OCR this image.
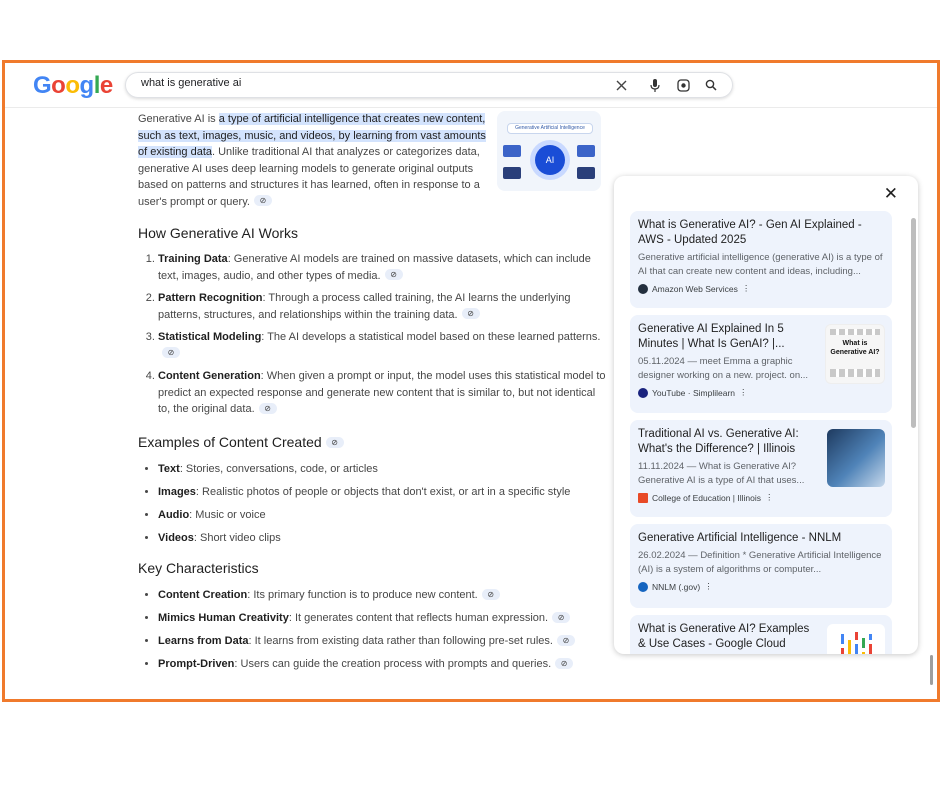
Google	what is generative ai
Generative Artificial Intelligence
AI
Generative AI is a type of artificial intelligence that creates new content, such as text, images, music, and videos, by learning from vast amounts of existing data. Unlike traditional AI that analyzes or categorizes data, generative AI uses deep learning models to generate original outputs based on patterns and structures it has learned, often in response to a user's prompt or query. ⊘
How Generative AI Works
1. Training Data: Generative AI models are trained on massive datasets, which can include text, images, audio, and other types of media. ⊘
2. Pattern Recognition: Through a process called training, the AI learns the underlying patterns, structures, and relationships within the training data. ⊘
3. Statistical Modeling: The AI develops a statistical model based on these learned patterns.⊘
4. Content Generation: When given a prompt or input, the model uses this statistical model to predict an expected response and generate new content that is similar to, but not identical to, the original data. ⊘
Examples of Content Created ⊘
• Text: Stories, conversations, code, or articles
• Images: Realistic photos of people or objects that don't exist, or art in a specific style
• Audio: Music or voice
• Videos: Short video clips
Key Characteristics
• Content Creation: Its primary function is to produce new content. ⊘
• Mimics Human Creativity: It generates content that reflects human expression. ⊘
• Learns from Data: It learns from existing data rather than following pre-set rules. ⊘
• Prompt-Driven: Users can guide the creation process with prompts and queries. ⊘
✕
What is Generative AI? - Gen AI Explained - AWS - Updated 2025
Generative artificial intelligence (generative AI) is a type of AI that can create new content and ideas, including...
Amazon Web Services ⋮
Generative AI Explained In 5 Minutes | What Is GenAI? |...
05.11.2024 — meet Emma a graphic designer working on a new. project. on...
YouTube · Simplilearn ⋮
What is Generative AI?
Traditional AI vs. Generative AI: What's the Difference? | Illinois
11.11.2024 — What is Generative AI? Generative AI is a type of AI that uses...
College of Education | Illinois ⋮
Generative Artificial Intelligence - NNLM
26.02.2024 — Definition * Generative Artificial Intelligence (AI) is a system of algorithms or computer...
NNLM (.gov) ⋮
What is Generative AI? Examples & Use Cases - Google Cloud
